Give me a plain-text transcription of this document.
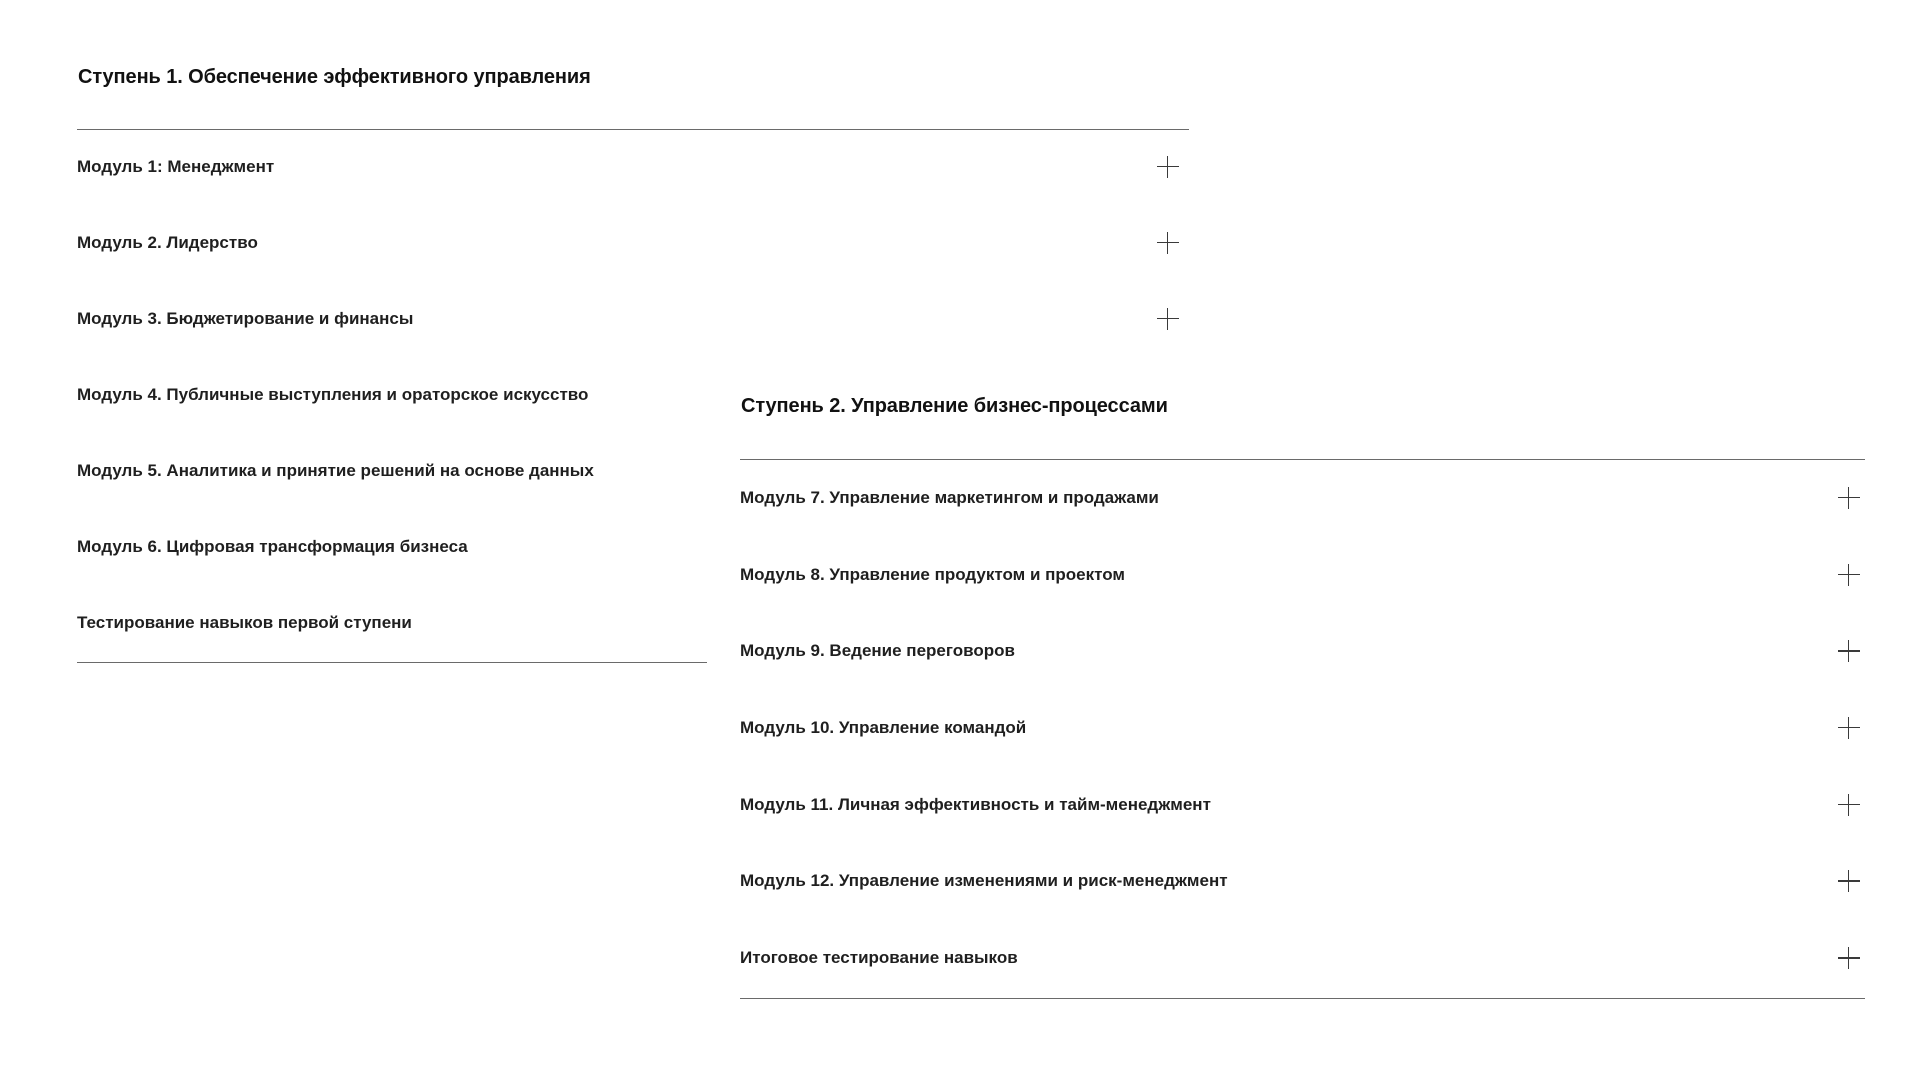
Ступень 1. Обеспечение эффективного управления
Модуль 1: Менеджмент
Модуль 2. Лидерство
Модуль 3. Бюджетирование и финансы
Модуль 4. Публичные выступления и ораторское искусство
Модуль 5. Аналитика и принятие решений на основе данных
Модуль 6. Цифровая трансформация бизнеса
Тестирование навыков первой ступени
Ступень 2. Управление бизнес-процессами
Модуль 7. Управление маркетингом и продажами
Модуль 8. Управление продуктом и проектом
Модуль 9. Ведение переговоров
Модуль 10. Управление командой
Модуль 11. Личная эффективность и тайм-менеджмент
Модуль 12. Управление изменениями и риск-менеджмент
Итоговое тестирование навыков
